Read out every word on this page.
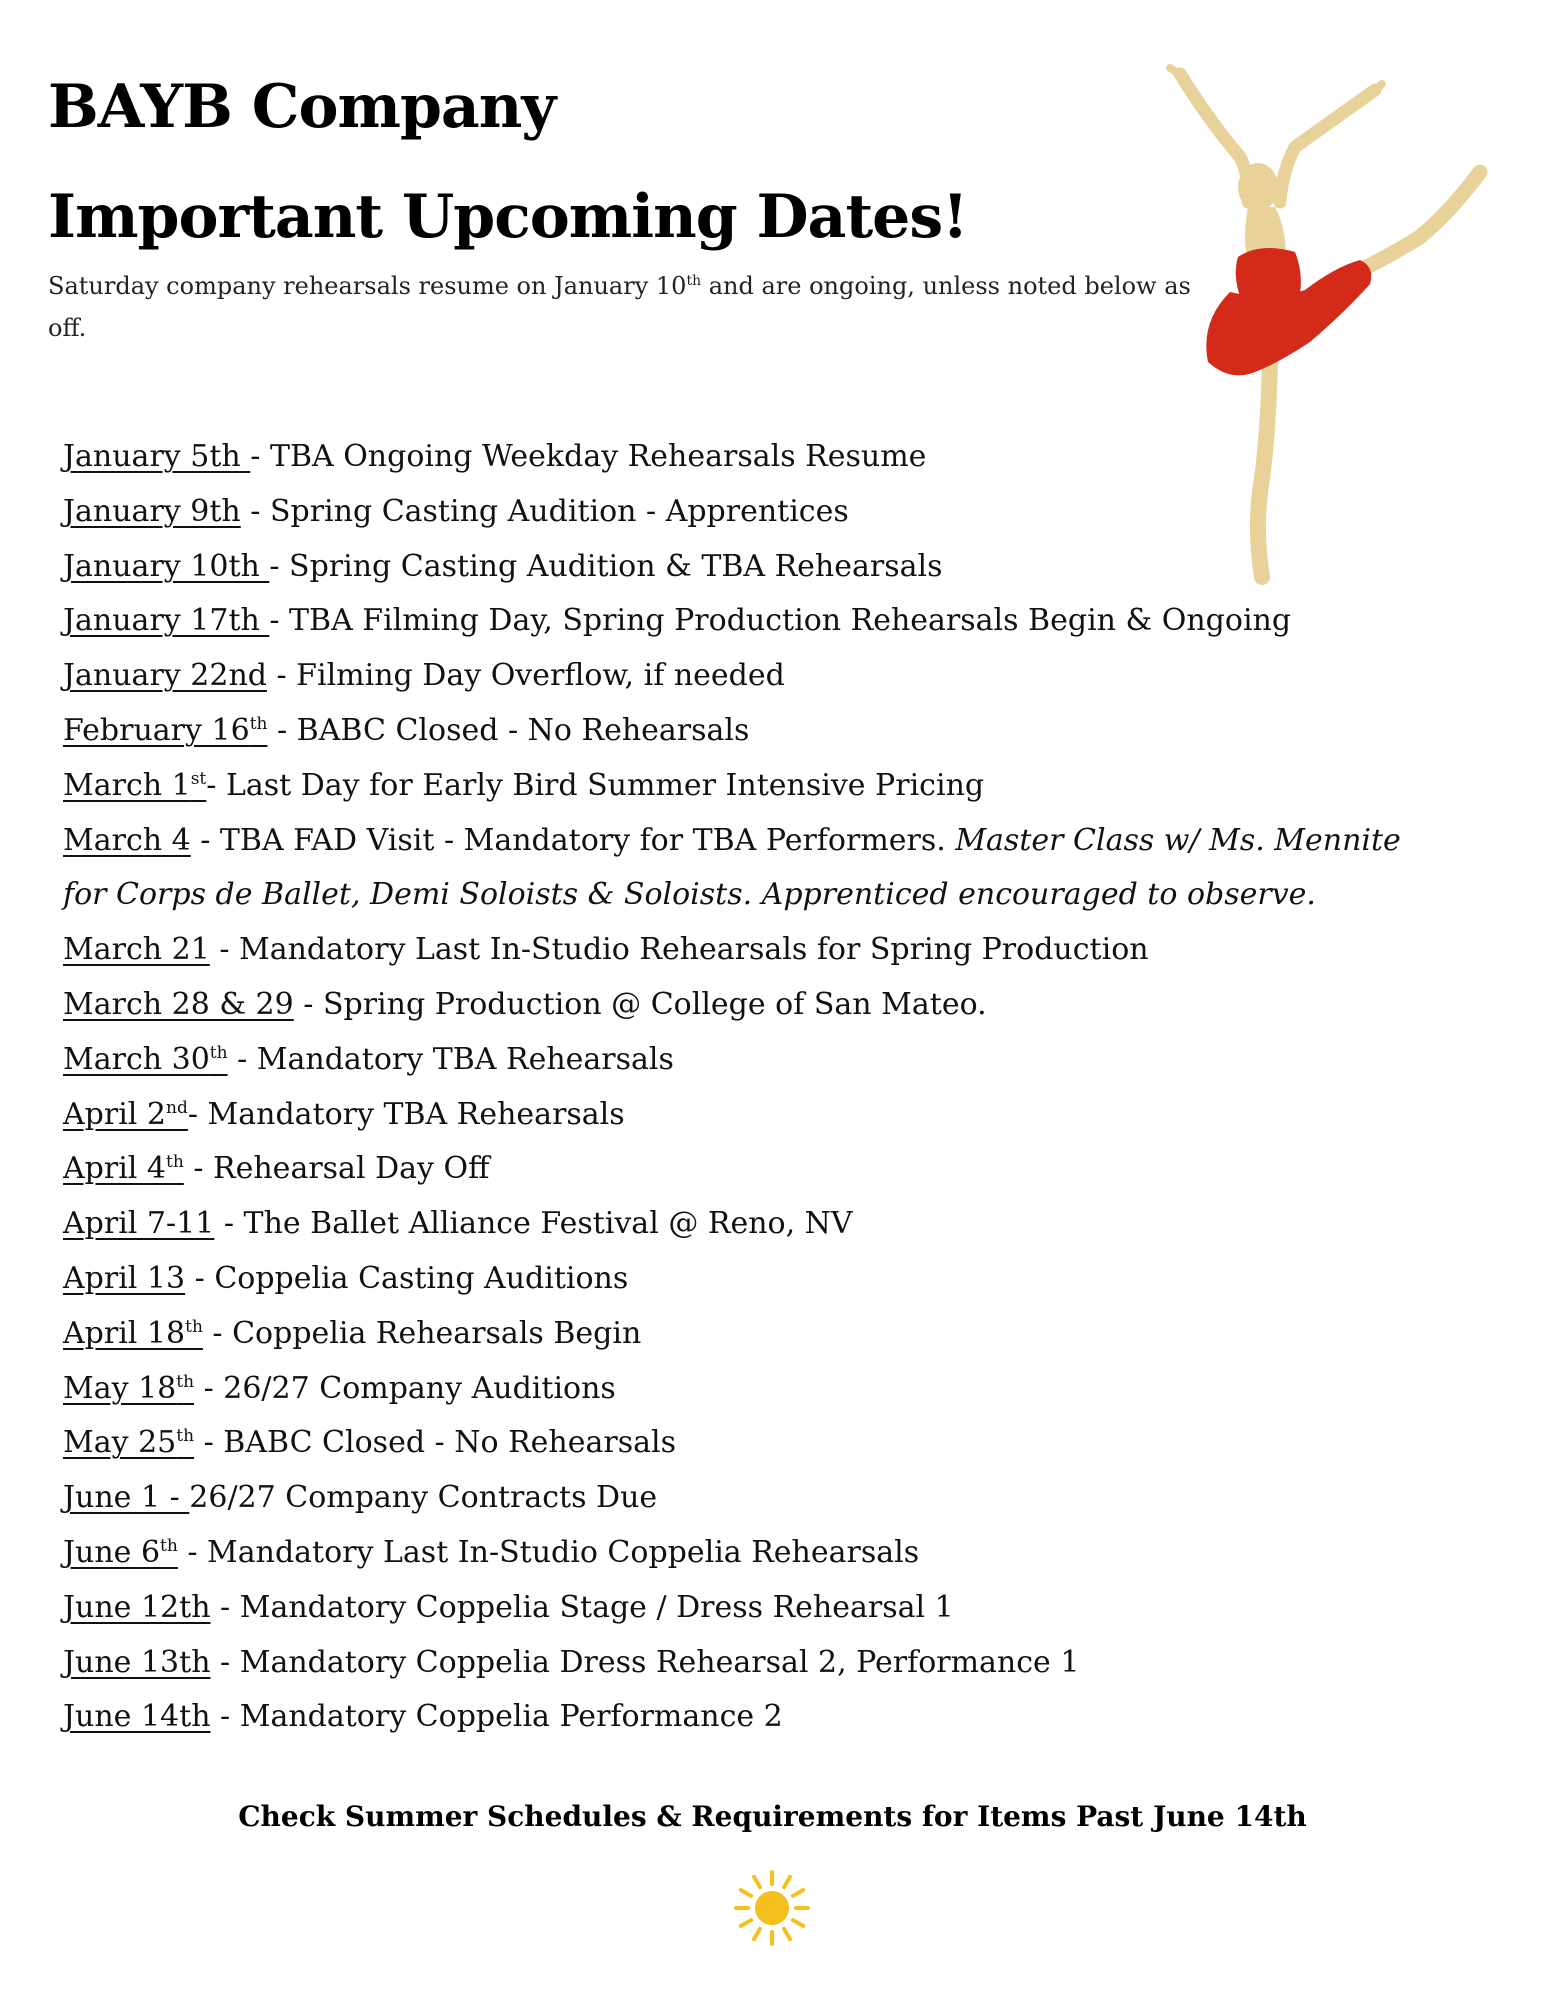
BAYB Company
Important Upcoming Dates!

Saturday company rehearsals resume on January 10th and are ongoing, unless noted below as off.

January 5th - TBA Ongoing Weekday Rehearsals Resume
January 9th - Spring Casting Audition - Apprentices
January 10th - Spring Casting Audition & TBA Rehearsals
January 17th - TBA Filming Day, Spring Production Rehearsals Begin & Ongoing
January 22nd - Filming Day Overflow, if needed
February 16th - BABC Closed - No Rehearsals
March 1st- Last Day for Early Bird Summer Intensive Pricing
March 4 - TBA FAD Visit - Mandatory for TBA Performers. Master Class w/ Ms. Mennite for Corps de Ballet, Demi Soloists & Soloists. Apprenticed encouraged to observe.
March 21 - Mandatory Last In-Studio Rehearsals for Spring Production
March 28 & 29 - Spring Production @ College of San Mateo.
March 30th - Mandatory TBA Rehearsals
April 2nd- Mandatory TBA Rehearsals
April 4th - Rehearsal Day Off
April 7-11 - The Ballet Alliance Festival @ Reno, NV
April 13 - Coppelia Casting Auditions
April 18th - Coppelia Rehearsals Begin
May 18th - 26/27 Company Auditions
May 25th - BABC Closed - No Rehearsals
June 1 - 26/27 Company Contracts Due
June 6th - Mandatory Last In-Studio Coppelia Rehearsals
June 12th - Mandatory Coppelia Stage / Dress Rehearsal 1
June 13th - Mandatory Coppelia Dress Rehearsal 2, Performance 1
June 14th - Mandatory Coppelia Performance 2

Check Summer Schedules & Requirements for Items Past June 14th
